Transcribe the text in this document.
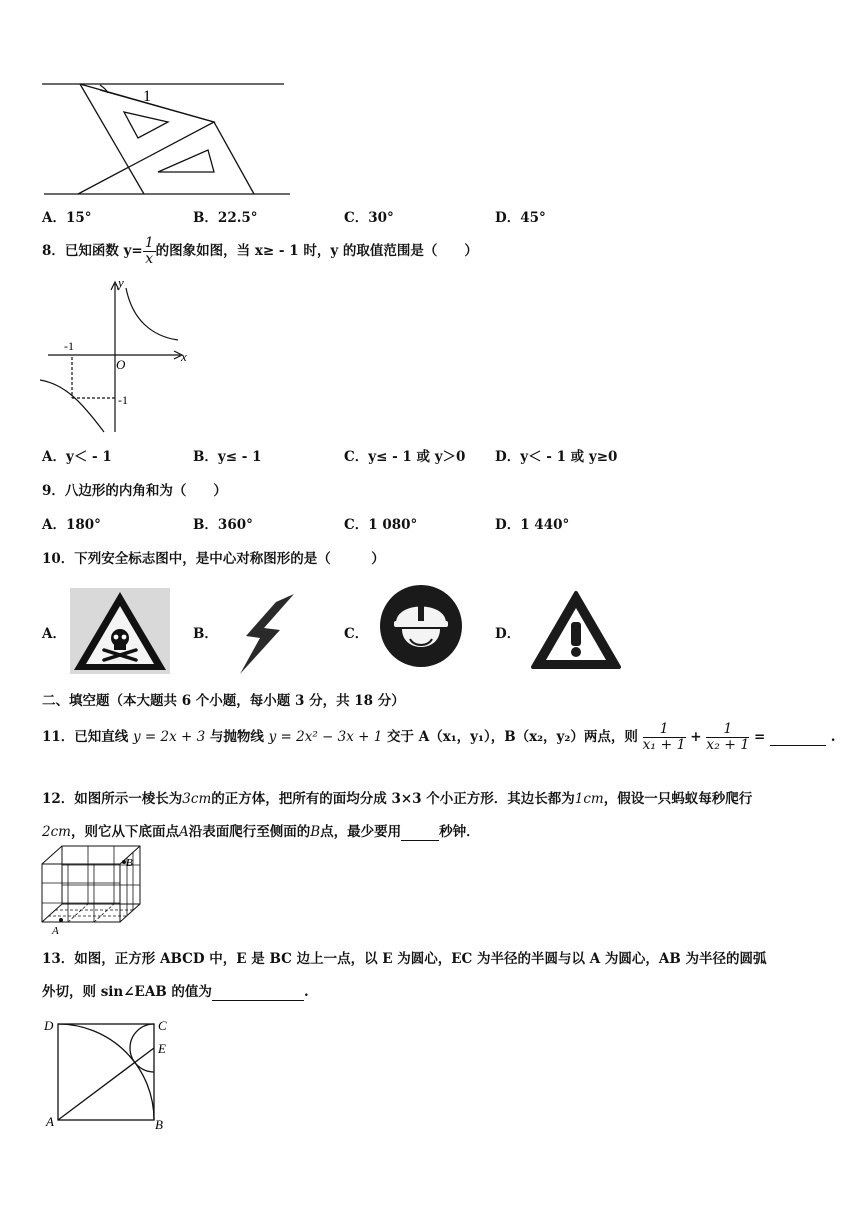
1
A．15°	B．22.5°	C．30°	D．45°
8．已知函数 $y= \frac{1}{x}$ 的图象如图，当 x≥ - 1 时，y 的取值范围是（　　）
y
x
O
-1
-1
A．y＜ - 1	B．y≤ - 1	C．y≤ - 1 或 y＞0 D．y＜ - 1 或 y≥0
9．八边形的内角和为（　　）
A．180°	B．360°	C．1 080°	D．1 440°
10．下列安全标志图中，是中心对称图形的是（　　　）
A．	B．	C．	D．
二、填空题（本大题共 6 个小题，每小题 3 分，共 18 分）
11．已知直线 y = 2x + 3 与抛物线 y = 2x² − 3x + 1 交于 A（x₁，y₁），B（x₂，y₂）两点，则 $\frac{1}{\text{x₁ + 1}} + \frac{1}{\text{x₂ + 1}}$ =	.
12．如图所示一棱长为3cm的正方体，把所有的面均分成 3×3 个小正方形．其边长都为1cm，假设一只蚂蚁每秒爬行
2cm，则它从下底面点A沿表面爬行至侧面的B点，最少要用	秒钟．
A
B
13．如图，正方形 ABCD 中，E 是 BC 边上一点，以 E 为圆心，EC 为半径的半圆与以 A 为圆心，AB 为半径的圆弧
外切，则 sin∠EAB 的值为	.
D	C
E
A	B
